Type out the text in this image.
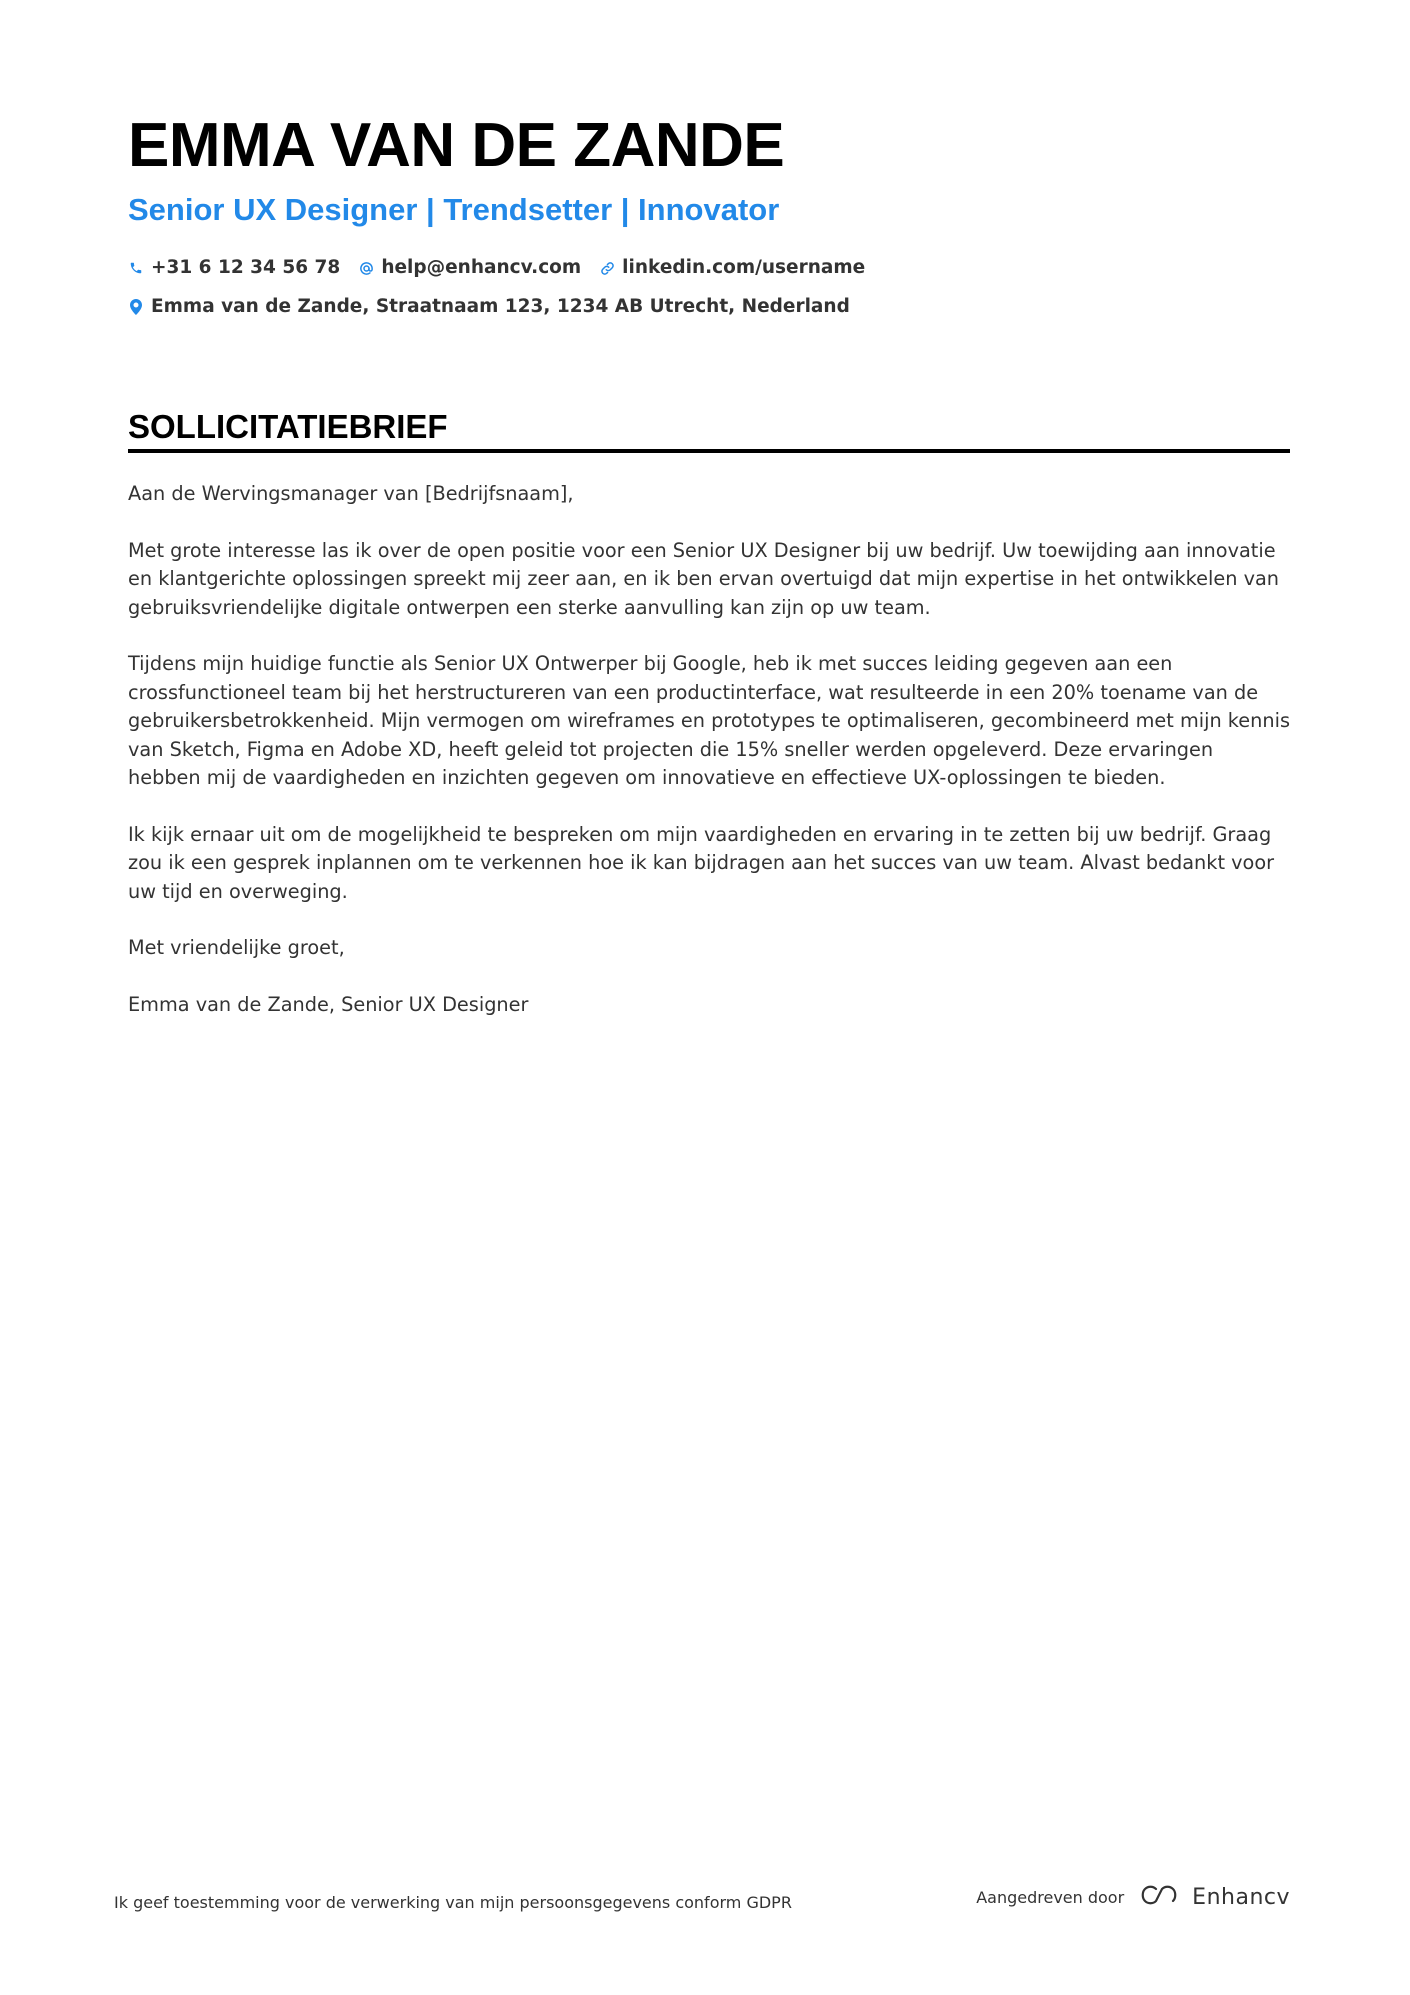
EMMA VAN DE ZANDE
Senior UX Designer | Trendsetter | Innovator
+31 6 12 34 56 78 help@enhancv.com linkedin.com/username
Emma van de Zande, Straatnaam 123, 1234 AB Utrecht, Nederland
SOLLICITATIEBRIEF

Aan de Wervingsmanager van [Bedrijfsnaam],

Met grote interesse las ik over de open positie voor een Senior UX Designer bij uw bedrijf. Uw toewijding aan innovatie en klantgerichte oplossingen spreekt mij zeer aan, en ik ben ervan overtuigd dat mijn expertise in het ontwikkelen van gebruiksvriendelijke digitale ontwerpen een sterke aanvulling kan zijn op uw team.

Tijdens mijn huidige functie als Senior UX Ontwerper bij Google, heb ik met succes leiding gegeven aan een crossfunctioneel team bij het herstructureren van een productinterface, wat resulteerde in een 20% toename van de gebruikersbetrokkenheid. Mijn vermogen om wireframes en prototypes te optimaliseren, gecombineerd met mijn kennis van Sketch, Figma en Adobe XD, heeft geleid tot projecten die 15% sneller werden opgeleverd. Deze ervaringen hebben mij de vaardigheden en inzichten gegeven om innovatieve en effectieve UX-oplossingen te bieden.

Ik kijk ernaar uit om de mogelijkheid te bespreken om mijn vaardigheden en ervaring in te zetten bij uw bedrijf. Graag zou ik een gesprek inplannen om te verkennen hoe ik kan bijdragen aan het succes van uw team. Alvast bedankt voor uw tijd en overweging.

Met vriendelijke groet,

Emma van de Zande, Senior UX Designer

Ik geef toestemming voor de verwerking van mijn persoonsgegevens conform GDPR	Aangedreven door	Enhancv
